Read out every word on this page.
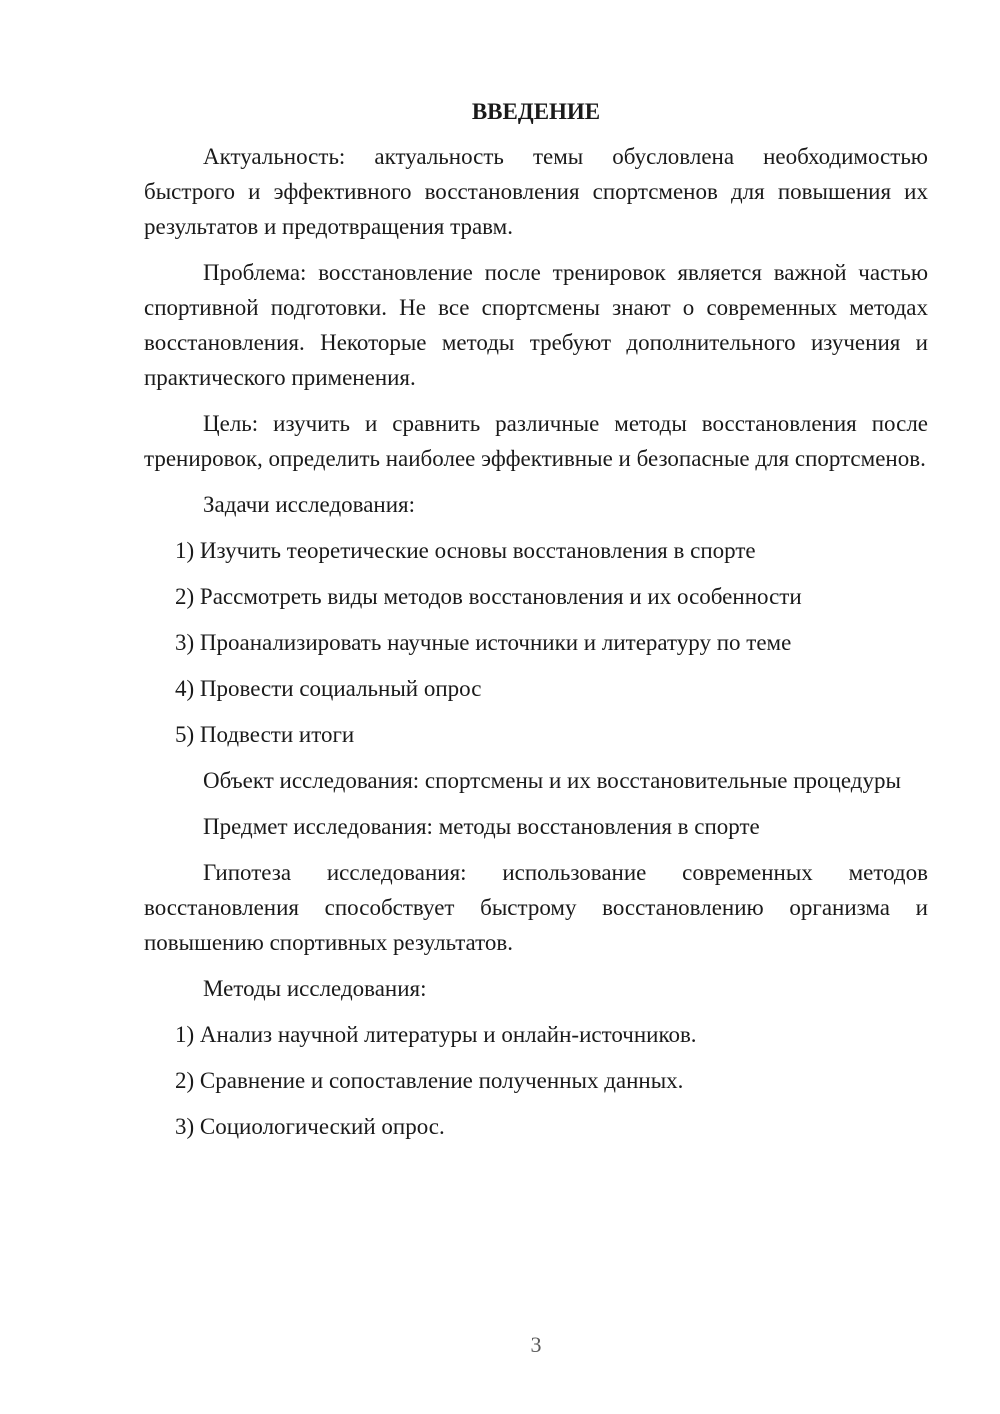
ВВЕДЕНИЕ

Актуальность: актуальность темы обусловлена необходимостью быстрого и эффективного восстановления спортсменов для повышения их результатов и предотвращения травм.

Проблема: восстановление после тренировок является важной частью спортивной подготовки. Не все спортсмены знают о современных методах восстановления. Некоторые методы требуют дополнительного изучения и практического применения.

Цель: изучить и сравнить различные методы восстановления после тренировок, определить наиболее эффективные и безопасные для спортсменов.

Задачи исследования:

1) Изучить теоретические основы восстановления в спорте
2) Рассмотреть виды методов восстановления и их особенности
3) Проанализировать научные источники и литературу по теме
4) Провести социальный опрос
5) Подвести итоги

Объект исследования: спортсмены и их восстановительные процедуры

Предмет исследования: методы восстановления в спорте

Гипотеза исследования: использование современных методов восстановления способствует быстрому восстановлению организма и повышению спортивных результатов.

Методы исследования:

1) Анализ научной литературы и онлайн-источников.
2) Сравнение и сопоставление полученных данных.
3) Социологический опрос.
3
